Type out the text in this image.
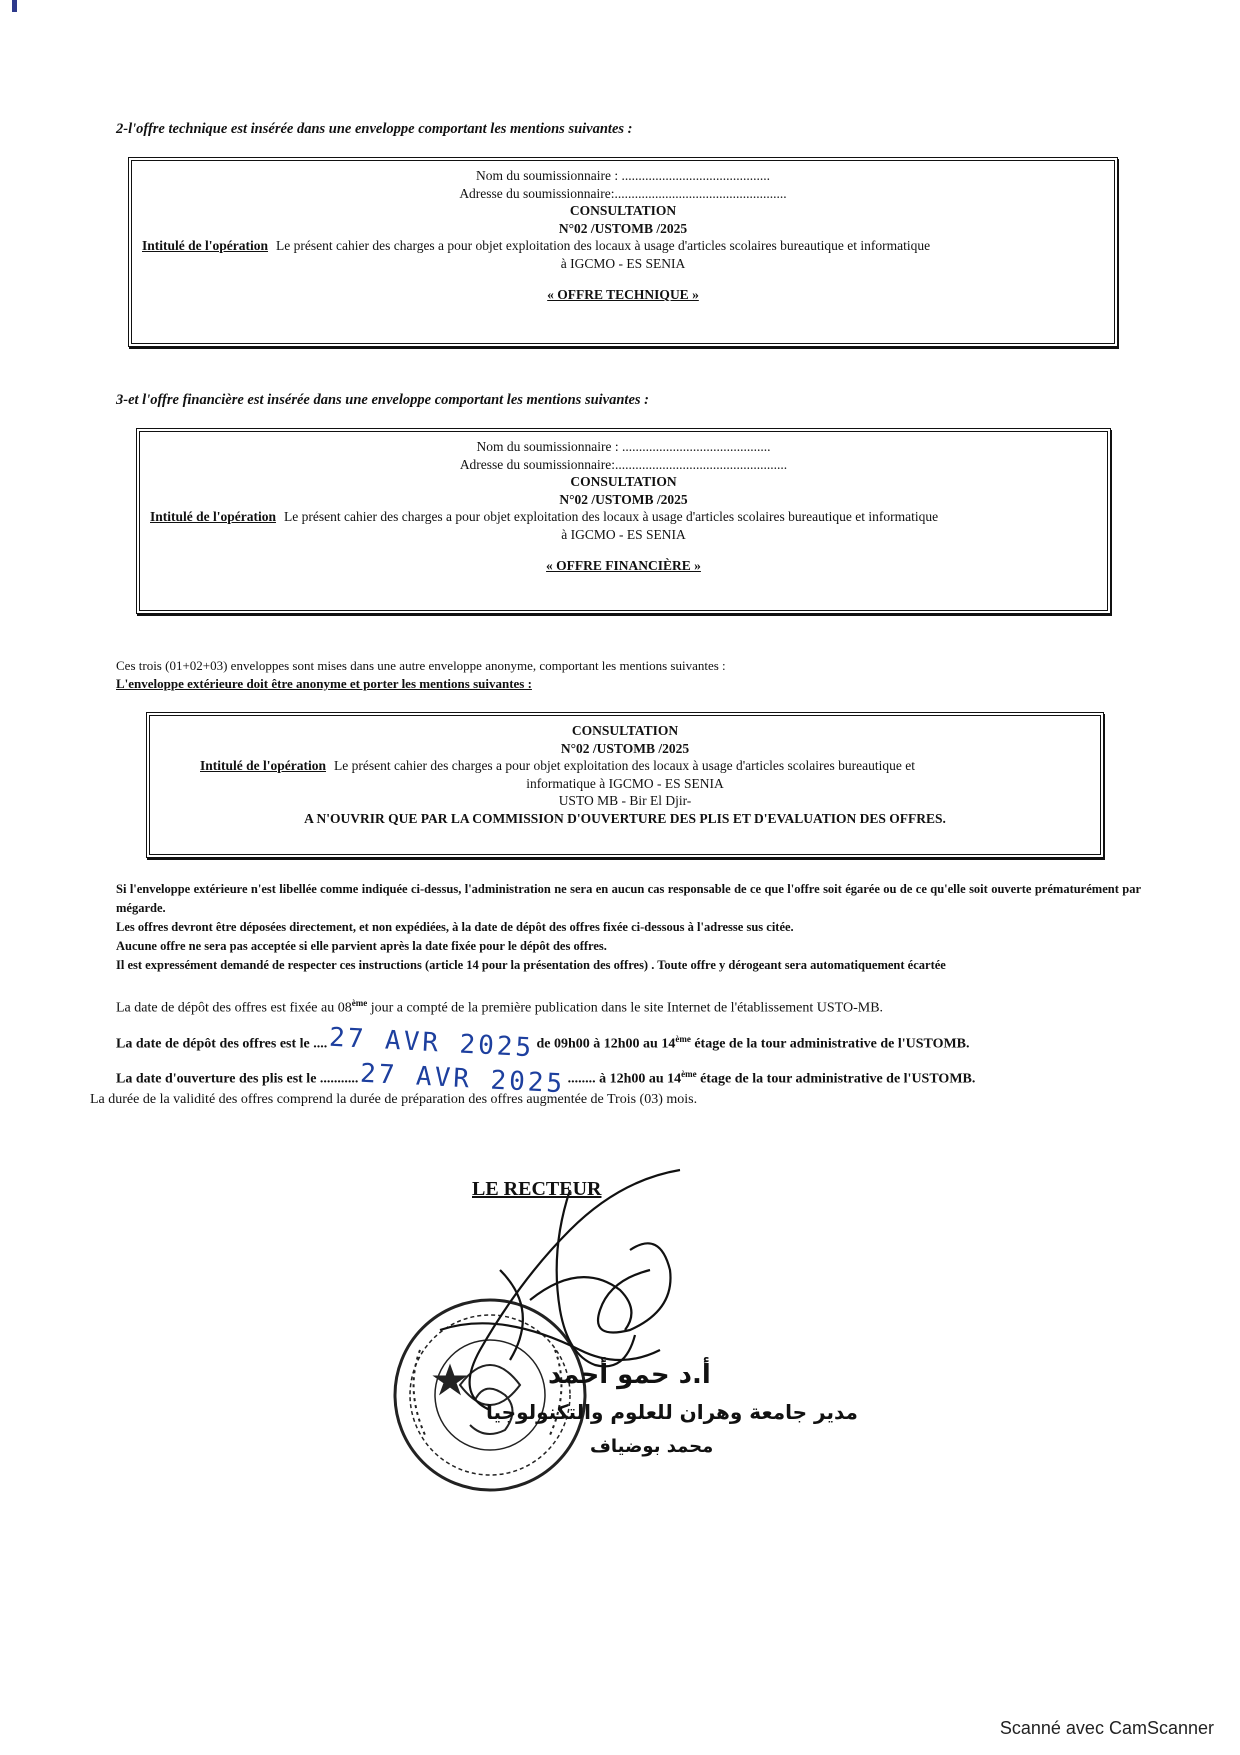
2-l'offre technique est insérée dans une enveloppe comportant les mentions suivantes :

Nom du soumissionnaire : ............................................
Adresse du soumissionnaire:...................................................
CONSULTATION
N°02 /USTOMB /2025
Intitulé de l'opération Le présent cahier des charges a pour objet exploitation des locaux à usage d'articles scolaires bureautique et informatique
à IGCMO - ES SENIA
« OFFRE TECHNIQUE »

3-et l'offre financière est insérée dans une enveloppe comportant les mentions suivantes :

Nom du soumissionnaire : ............................................
Adresse du soumissionnaire:...................................................
CONSULTATION
N°02 /USTOMB /2025
Intitulé de l'opération Le présent cahier des charges a pour objet exploitation des locaux à usage d'articles scolaires bureautique et informatique
à IGCMO - ES SENIA
« OFFRE FINANCIÈRE »

Ces trois (01+02+03) enveloppes sont mises dans une autre enveloppe anonyme, comportant les mentions suivantes :

L'enveloppe extérieure doit être anonyme et porter les mentions suivantes :

CONSULTATION
N°02 /USTOMB /2025
Intitulé de l'opération Le présent cahier des charges a pour objet exploitation des locaux à usage d'articles scolaires bureautique et
informatique à IGCMO - ES SENIA
USTO MB - Bir El Djir-
A N'OUVRIR QUE PAR LA COMMISSION D'OUVERTURE DES PLIS ET D'EVALUATION DES OFFRES.

Si l'enveloppe extérieure n'est libellée comme indiquée ci-dessus, l'administration ne sera en aucun cas responsable de ce que l'offre soit égarée ou de ce qu'elle soit ouverte prématurément par mégarde.

Les offres devront être déposées directement, et non expédiées, à la date de dépôt des offres fixée ci-dessous à l'adresse sus citée.

Aucune offre ne sera pas acceptée si elle parvient après la date fixée pour le dépôt des offres.

Il est expressément demandé de respecter ces instructions (article 14 pour la présentation des offres) . Toute offre y dérogeant sera automatiquement écartée

La date de dépôt des offres est fixée au 08ème jour a compté de la première publication dans le site Internet de l'établissement USTO-MB.

La date de dépôt des offres est le ....27 AVR 2025de 09h00 à 12h00 au 14ème étage de la tour administrative de l'USTOMB.

La date d'ouverture des plis est le ...........27 AVR 2025........ à 12h00 au 14ème étage de la tour administrative de l'USTOMB.

La durée de la validité des offres comprend la durée de préparation des offres augmentée de Trois (03) mois.

LE RECTEUR
أ.د حمو أحمد
مدير جامعة وهران للعلوم والتكنولوجيا
محمد بوضياف
Scanné avec CamScanner
